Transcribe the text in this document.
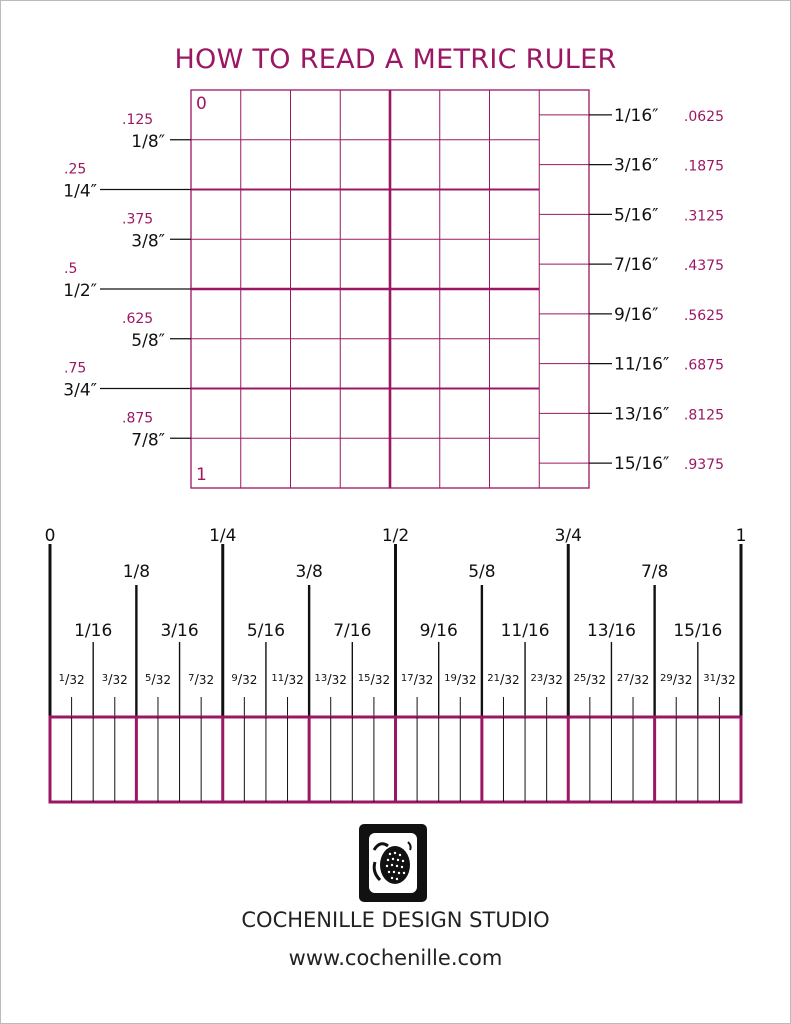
HOW TO READ A METRIC RULER
0
1
.125
1/8″
.25
1/4″
.375
3/8″
.5
1/2″
.625
5/8″
.75
3/4″
.875
7/8″
1/16″ .0625
3/16″ .1875
5/16″ .3125
7/16″ .4375
9/16″ .5625
11/16″ .6875
13/16″ .8125
15/16″ .9375
0	1/4	1/2	3/4	1
1/8	3/8	5/8	7/8
1/16	3/16	5/16	7/16	9/16	11/16 13/16 15/16
$^1$/32 $^3$/32 $^5$/32 $^7$/32 $^9$/32 $^{11}$/32 $^{13}$/32 $^{15}$/32 $^{17}$/32 $^{19}$/32 $^{21}$/32 $^{23}$/32 $^{25}$/32 $^{27}$/32 $^{29}$/32 $^{31}$/32
COCHENILLE DESIGN STUDIO
www.cochenille.com
